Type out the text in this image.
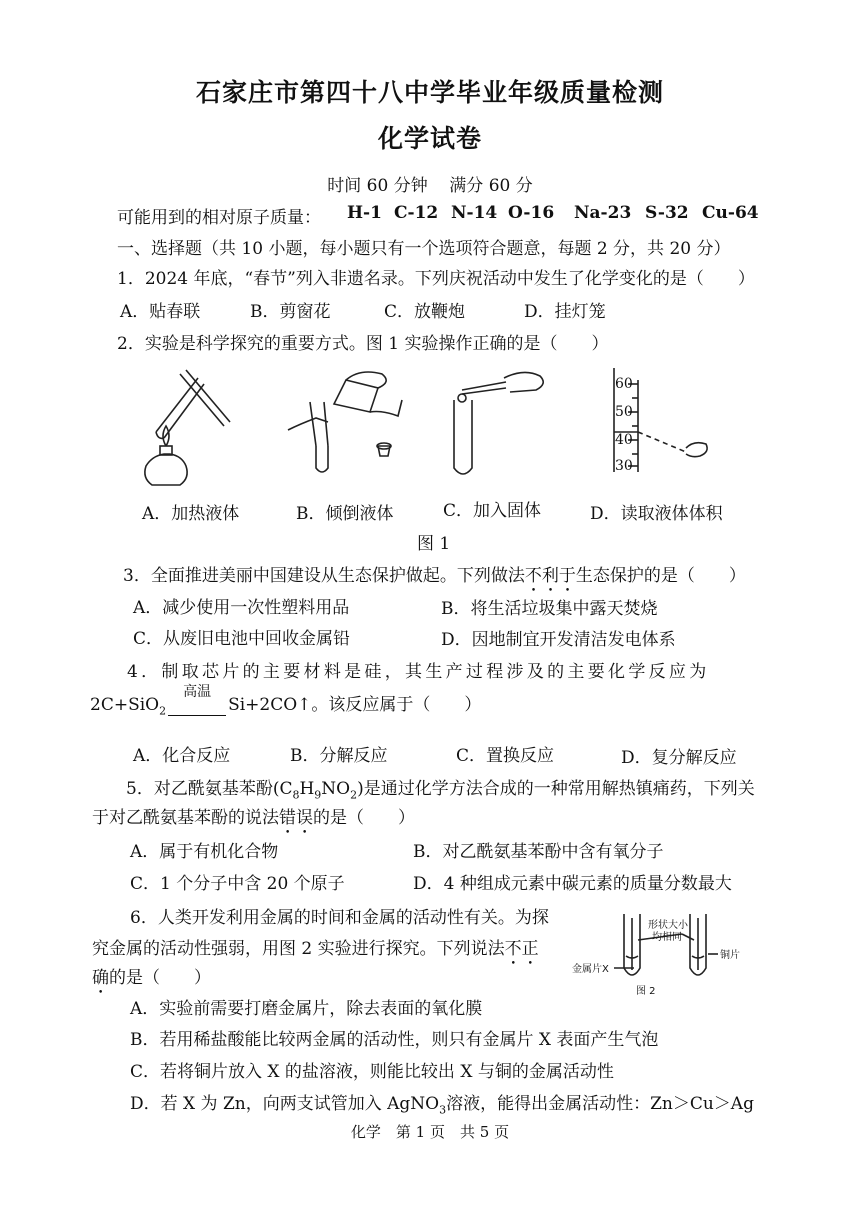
石家庄市第四十八中学毕业年级质量检测
化学试卷
时间 60 分钟    满分 60 分
可能用到的相对原子质量： H-1 C-12 N-14 O-16 Na-23 S-32 Cu-64
一、选择题（共 10 小题，每小题只有一个选项符合题意，每题 2 分，共 20 分）
1．2024 年底，“春节”列入非遗名录。下列庆祝活动中发生了化学变化的是（　　）
A．贴春联	B．剪窗花	C．放鞭炮	D．挂灯笼
2．实验是科学探究的重要方式。图 1 实验操作正确的是（　　）
60
50
40
30
A．加热液体	B．倾倒液体	C．加入固体	D．读取液体体积
图 1
3．全面推进美丽中国建设从生态保护做起。下列做法不利于生态保护的是（　　）
A．减少使用一次性塑料用品	B．将生活垃圾集中露天焚烧
C．从废旧电池中回收金属铅	D．因地制宜开发清洁发电体系
4．制取芯片的主要材料是硅，其生产过程涉及的主要化学反应为
2C+SiO$_2$
高温
Si+2CO↑。该反应属于（　　）
A．化合反应	B．分解反应	C．置换反应	D．复分解反应
5．对乙酰氨基苯酚$(C_8H_9NO_2)$是通过化学方法合成的一种常用解热镇痛药，下列关
于对乙酰氨基苯酚的说法错误的是（　　）
A．属于有机化合物	B．对乙酰氨基苯酚中含有氧分子
C．1 个分子中含 20 个原子	D．4 种组成元素中碳元素的质量分数最大
6．人类开发利用金属的时间和金属的活动性有关。为探
究金属的活动性强弱，用图 2 实验进行探究。下列说法不正
确的是（　　）	金属片X
形状大小
均相同
铜片
图 2
A．实验前需要打磨金属片，除去表面的氧化膜
B．若用稀盐酸能比较两金属的活动性，则只有金属片 X 表面产生气泡
C．若将铜片放入 X 的盐溶液，则能比较出 X 与铜的金属活动性
D．若 X 为 Zn，向两支试管加入 AgNO$_3$溶液，能得出金属活动性：Zn＞Cu＞Ag
化学　第 1 页　共 5 页
